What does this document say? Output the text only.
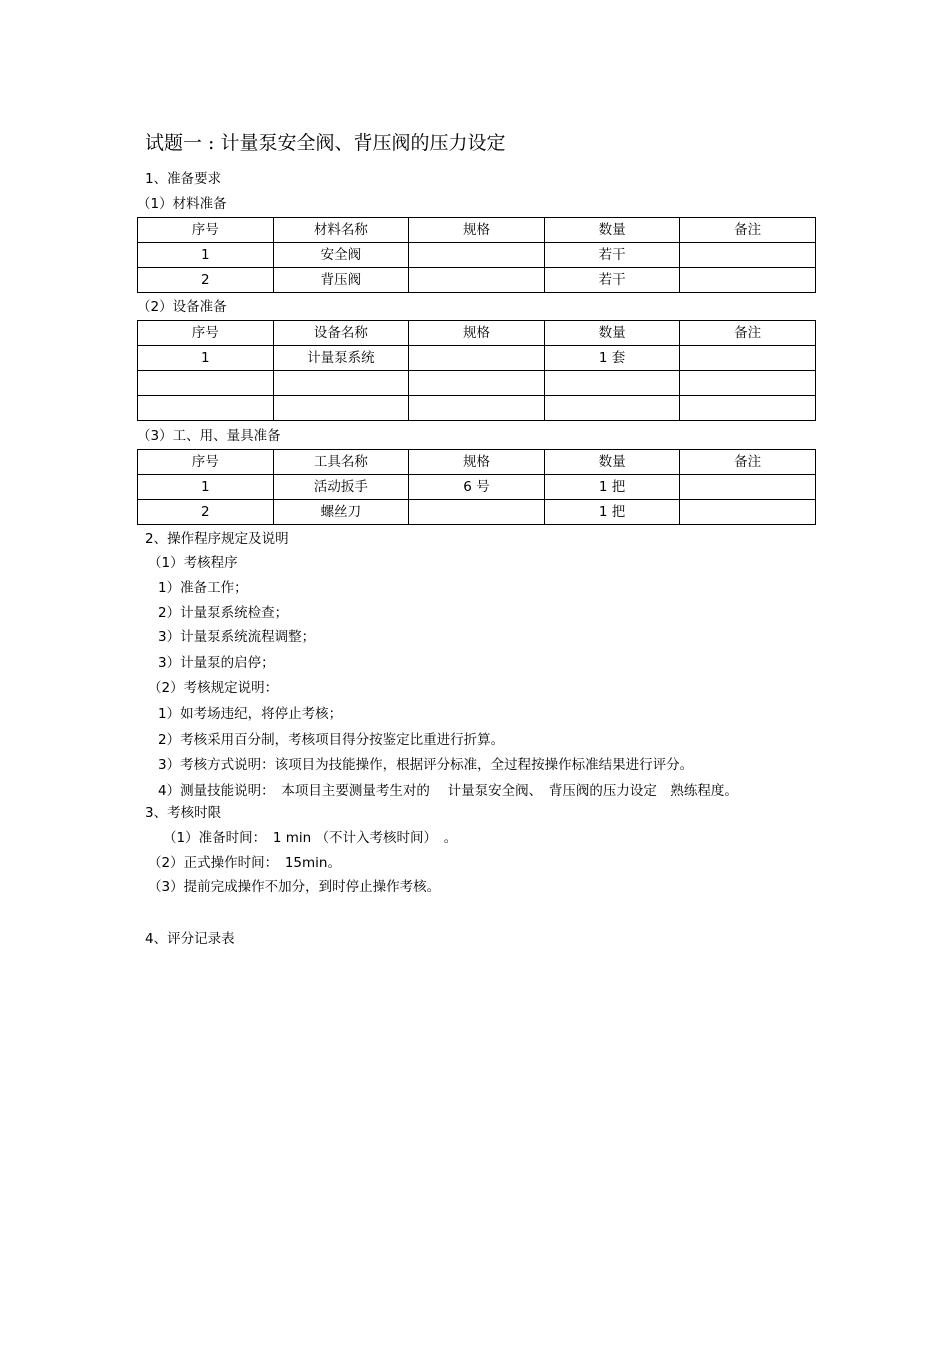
试题一 : 计量泵安全阀、背压阀的压力设定
1、准备要求
（1）材料准备
序号	材料名称	规格	数量	备注
1	安全阀		若干	
2	背压阀		若干	
（2）设备准备
序号	设备名称	规格	数量	备注
1	计量泵系统		1 套	

（3）工、用、量具准备
序号	工具名称	规格	数量	备注
1	活动扳手	6 号	1 把	
2	螺丝刀		1 把	
2、操作程序规定及说明
（1）考核程序
1）准备工作；
2）计量泵系统检查；
3）计量泵系统流程调整；
3）计量泵的启停；
（2）考核规定说明：
1）如考场违纪，将停止考核；
2）考核采用百分制，考核项目得分按鉴定比重进行折算。
3）考核方式说明：该项目为技能操作，根据评分标准，全过程按操作标准结果进行评分。
4）测量技能说明：　本项目主要测量考生对的　 计量泵安全阀、　背压阀的压力设定　熟练程度。
3、考核时限
（1）准备时间：　1 min （不计入考核时间）　。
（2）正式操作时间：　15min。
（3）提前完成操作不加分，到时停止操作考核。
4、评分记录表
